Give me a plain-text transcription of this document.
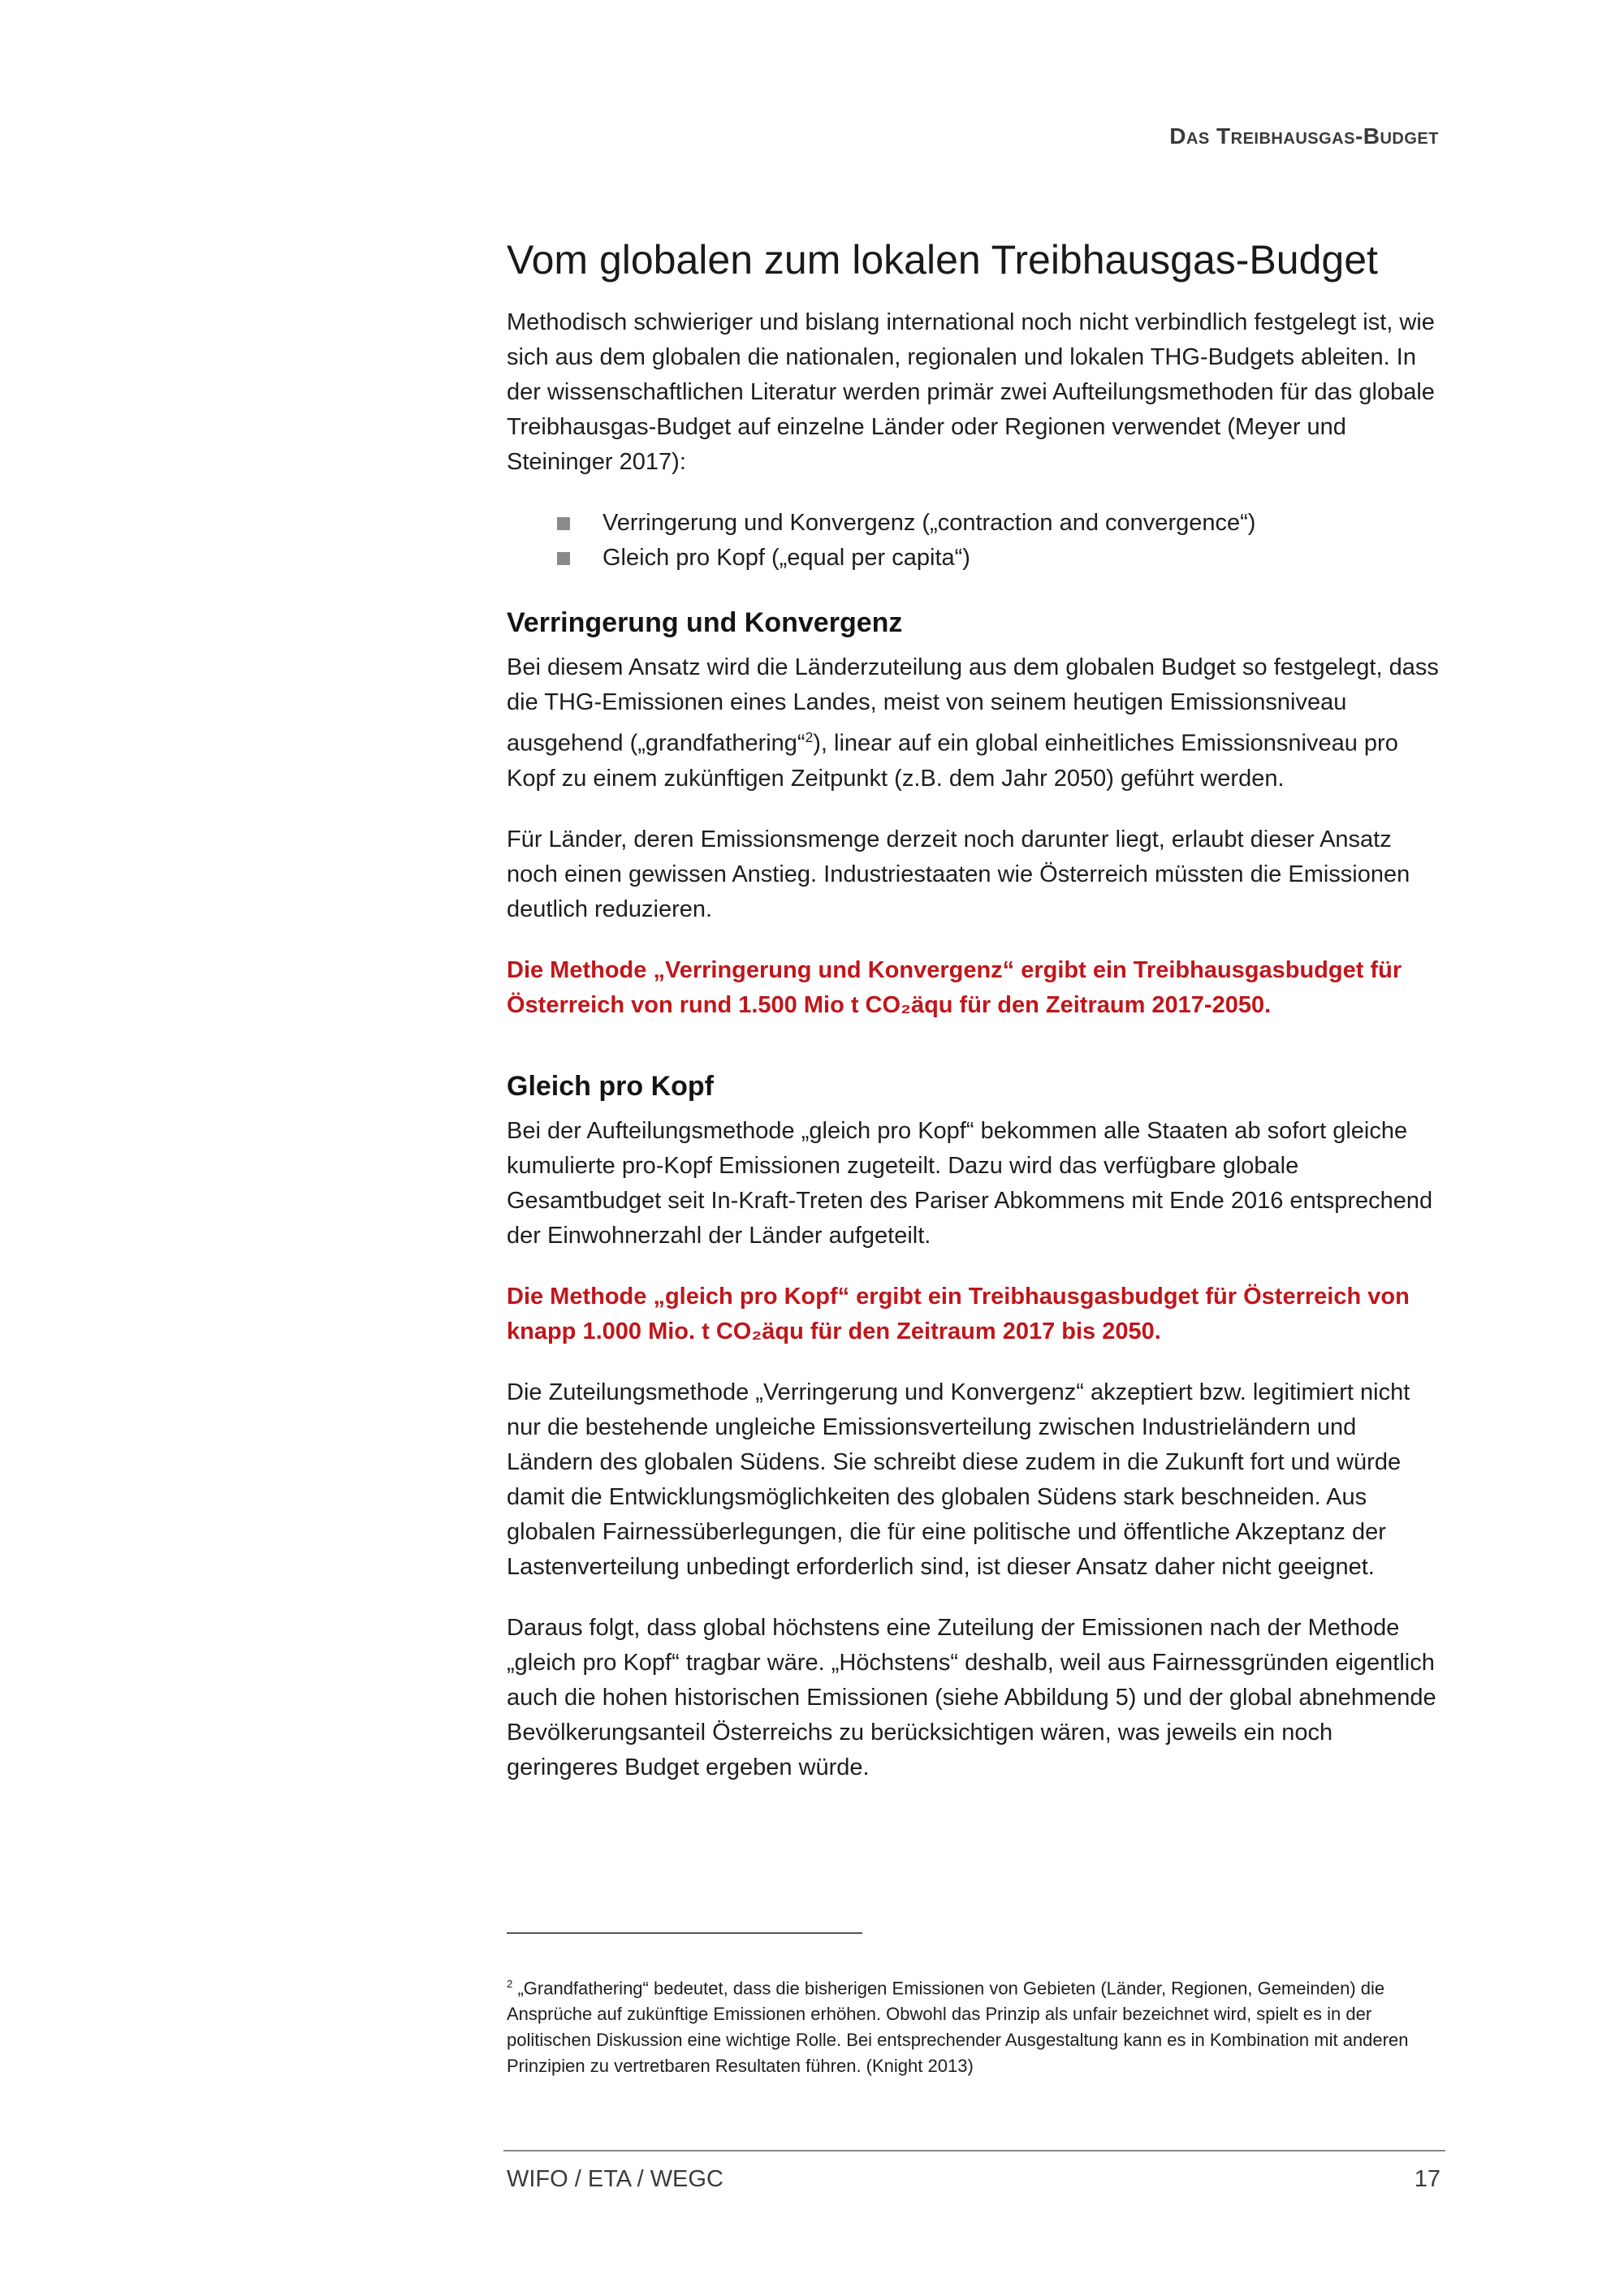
Das Treibhausgas-Budget
Vom globalen zum lokalen Treibhausgas-Budget

Methodisch schwieriger und bislang international noch nicht verbindlich festgelegt ist, wie sich aus dem globalen die nationalen, regionalen und lokalen THG-Budgets ableiten. In der wissenschaftlichen Literatur werden primär zwei Aufteilungsmethoden für das globale Treibhausgas-Budget auf einzelne Länder oder Regionen verwendet (Meyer und Steininger 2017):

Verringerung und Konvergenz („contraction and convergence“)
Gleich pro Kopf („equal per capita“)
Verringerung und Konvergenz

Bei diesem Ansatz wird die Länderzuteilung aus dem globalen Budget so festgelegt, dass die THG-Emissionen eines Landes, meist von seinem heutigen Emissionsniveau ausgehend („grandfathering“$^2$), linear auf ein global einheitliches Emissionsniveau pro Kopf zu einem zukünftigen Zeitpunkt (z.B. dem Jahr 2050) geführt werden.

Für Länder, deren Emissionsmenge derzeit noch darunter liegt, erlaubt dieser Ansatz noch einen gewissen Anstieg. Industriestaaten wie Österreich müssten die Emissionen deutlich reduzieren.

Die Methode „Verringerung und Konvergenz“ ergibt ein Treibhausgasbudget für Österreich von rund 1.500 Mio t CO₂äqu für den Zeitraum 2017-2050.

Gleich pro Kopf

Bei der Aufteilungsmethode „gleich pro Kopf“ bekommen alle Staaten ab sofort gleiche kumulierte pro-Kopf Emissionen zugeteilt. Dazu wird das verfügbare globale Gesamtbudget seit In-Kraft-Treten des Pariser Abkommens mit Ende 2016 entsprechend der Einwohnerzahl der Länder aufgeteilt.

Die Methode „gleich pro Kopf“ ergibt ein Treibhausgasbudget für Österreich von knapp 1.000 Mio. t CO₂äqu für den Zeitraum 2017 bis 2050.

Die Zuteilungsmethode „Verringerung und Konvergenz“ akzeptiert bzw. legitimiert nicht nur die bestehende ungleiche Emissionsverteilung zwischen Industrieländern und Ländern des globalen Südens. Sie schreibt diese zudem in die Zukunft fort und würde damit die Entwicklungsmöglichkeiten des globalen Südens stark beschneiden. Aus globalen Fairnessüberlegungen, die für eine politische und öffentliche Akzeptanz der Lastenverteilung unbedingt erforderlich sind, ist dieser Ansatz daher nicht geeignet.

Daraus folgt, dass global höchstens eine Zuteilung der Emissionen nach der Methode „gleich pro Kopf“ tragbar wäre. „Höchstens“ deshalb, weil aus Fairnessgründen eigentlich auch die hohen historischen Emissionen (siehe Abbildung 5) und der global abnehmende Bevölkerungsanteil Österreichs zu berücksichtigen wären, was jeweils ein noch geringeres Budget ergeben würde.

$^2$ „Grandfathering“ bedeutet, dass die bisherigen Emissionen von Gebieten (Länder, Regionen, Gemeinden) die Ansprüche auf zukünftige Emissionen erhöhen. Obwohl das Prinzip als unfair bezeichnet wird, spielt es in der politischen Diskussion eine wichtige Rolle. Bei entsprechender Ausgestaltung kann es in Kombination mit anderen Prinzipien zu vertretbaren Resultaten führen. (Knight 2013)
WIFO / ETA / WEGC	17
